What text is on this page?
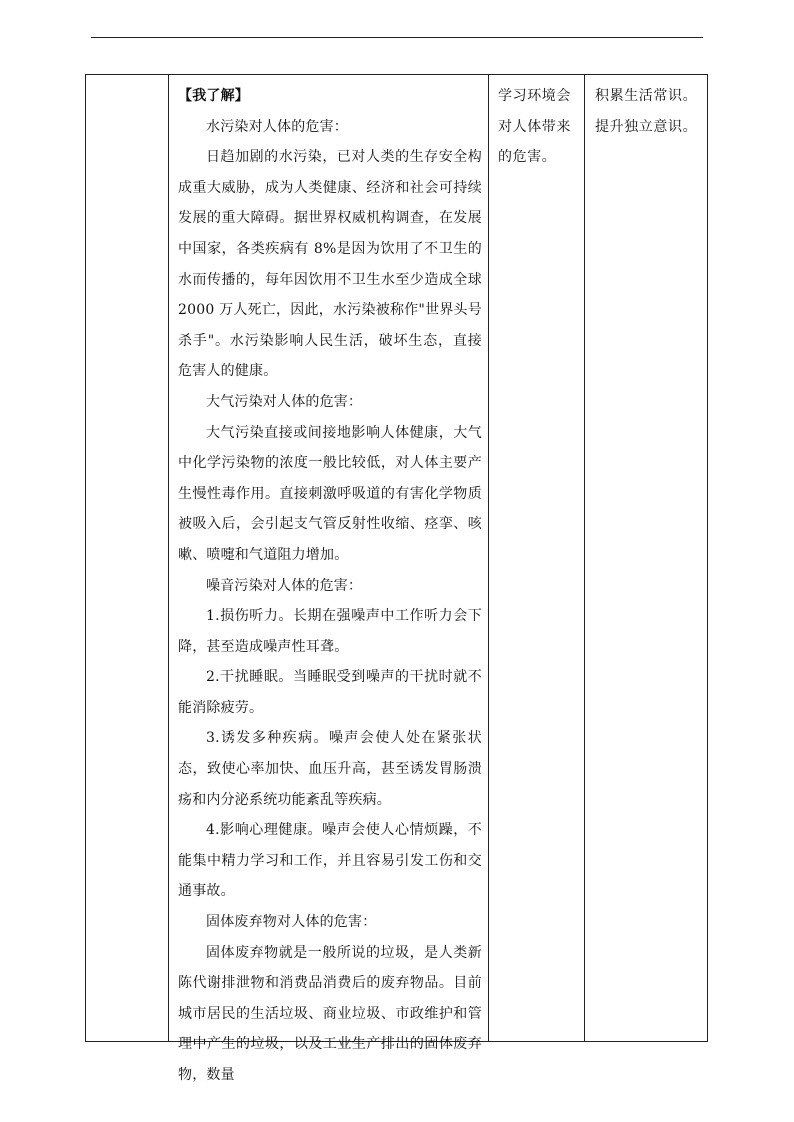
【我了解】

水污染对人体的危害：

日趋加剧的水污染，已对人类的生存安全构成重大威胁，成为人类健康、经济和社会可持续发展的重大障碍。据世界权威机构调查，在发展中国家，各类疾病有 8%是因为饮用了不卫生的水而传播的，每年因饮用不卫生水至少造成全球 2000 万人死亡，因此，水污染被称作"世界头号杀手"。水污染影响人民生活，破坏生态，直接危害人的健康。

大气污染对人体的危害：

大气污染直接或间接地影响人体健康，大气中化学污染物的浓度一般比较低，对人体主要产生慢性毒作用。直接刺激呼吸道的有害化学物质被吸入后，会引起支气管反射性收缩、痉挛、咳嗽、喷嚏和气道阻力增加。

噪音污染对人体的危害：

1.损伤听力。长期在强噪声中工作听力会下降，甚至造成噪声性耳聋。

2.干扰睡眠。当睡眠受到噪声的干扰时就不能消除疲劳。

3.诱发多种疾病。噪声会使人处在紧张状态，致使心率加快、血压升高，甚至诱发胃肠溃疡和内分泌系统功能紊乱等疾病。

4.影响心理健康。噪声会使人心情烦躁，不能集中精力学习和工作，并且容易引发工伤和交通事故。

固体废弃物对人体的危害：

固体废弃物就是一般所说的垃圾，是人类新陈代谢排泄物和消费品消费后的废弃物品。目前城市居民的生活垃圾、商业垃圾、市政维护和管理中产生的垃圾，以及工业生产排出的固体废弃物，数量

学习环境会对人体带来的危害。

积累生活常识。提升独立意识。
